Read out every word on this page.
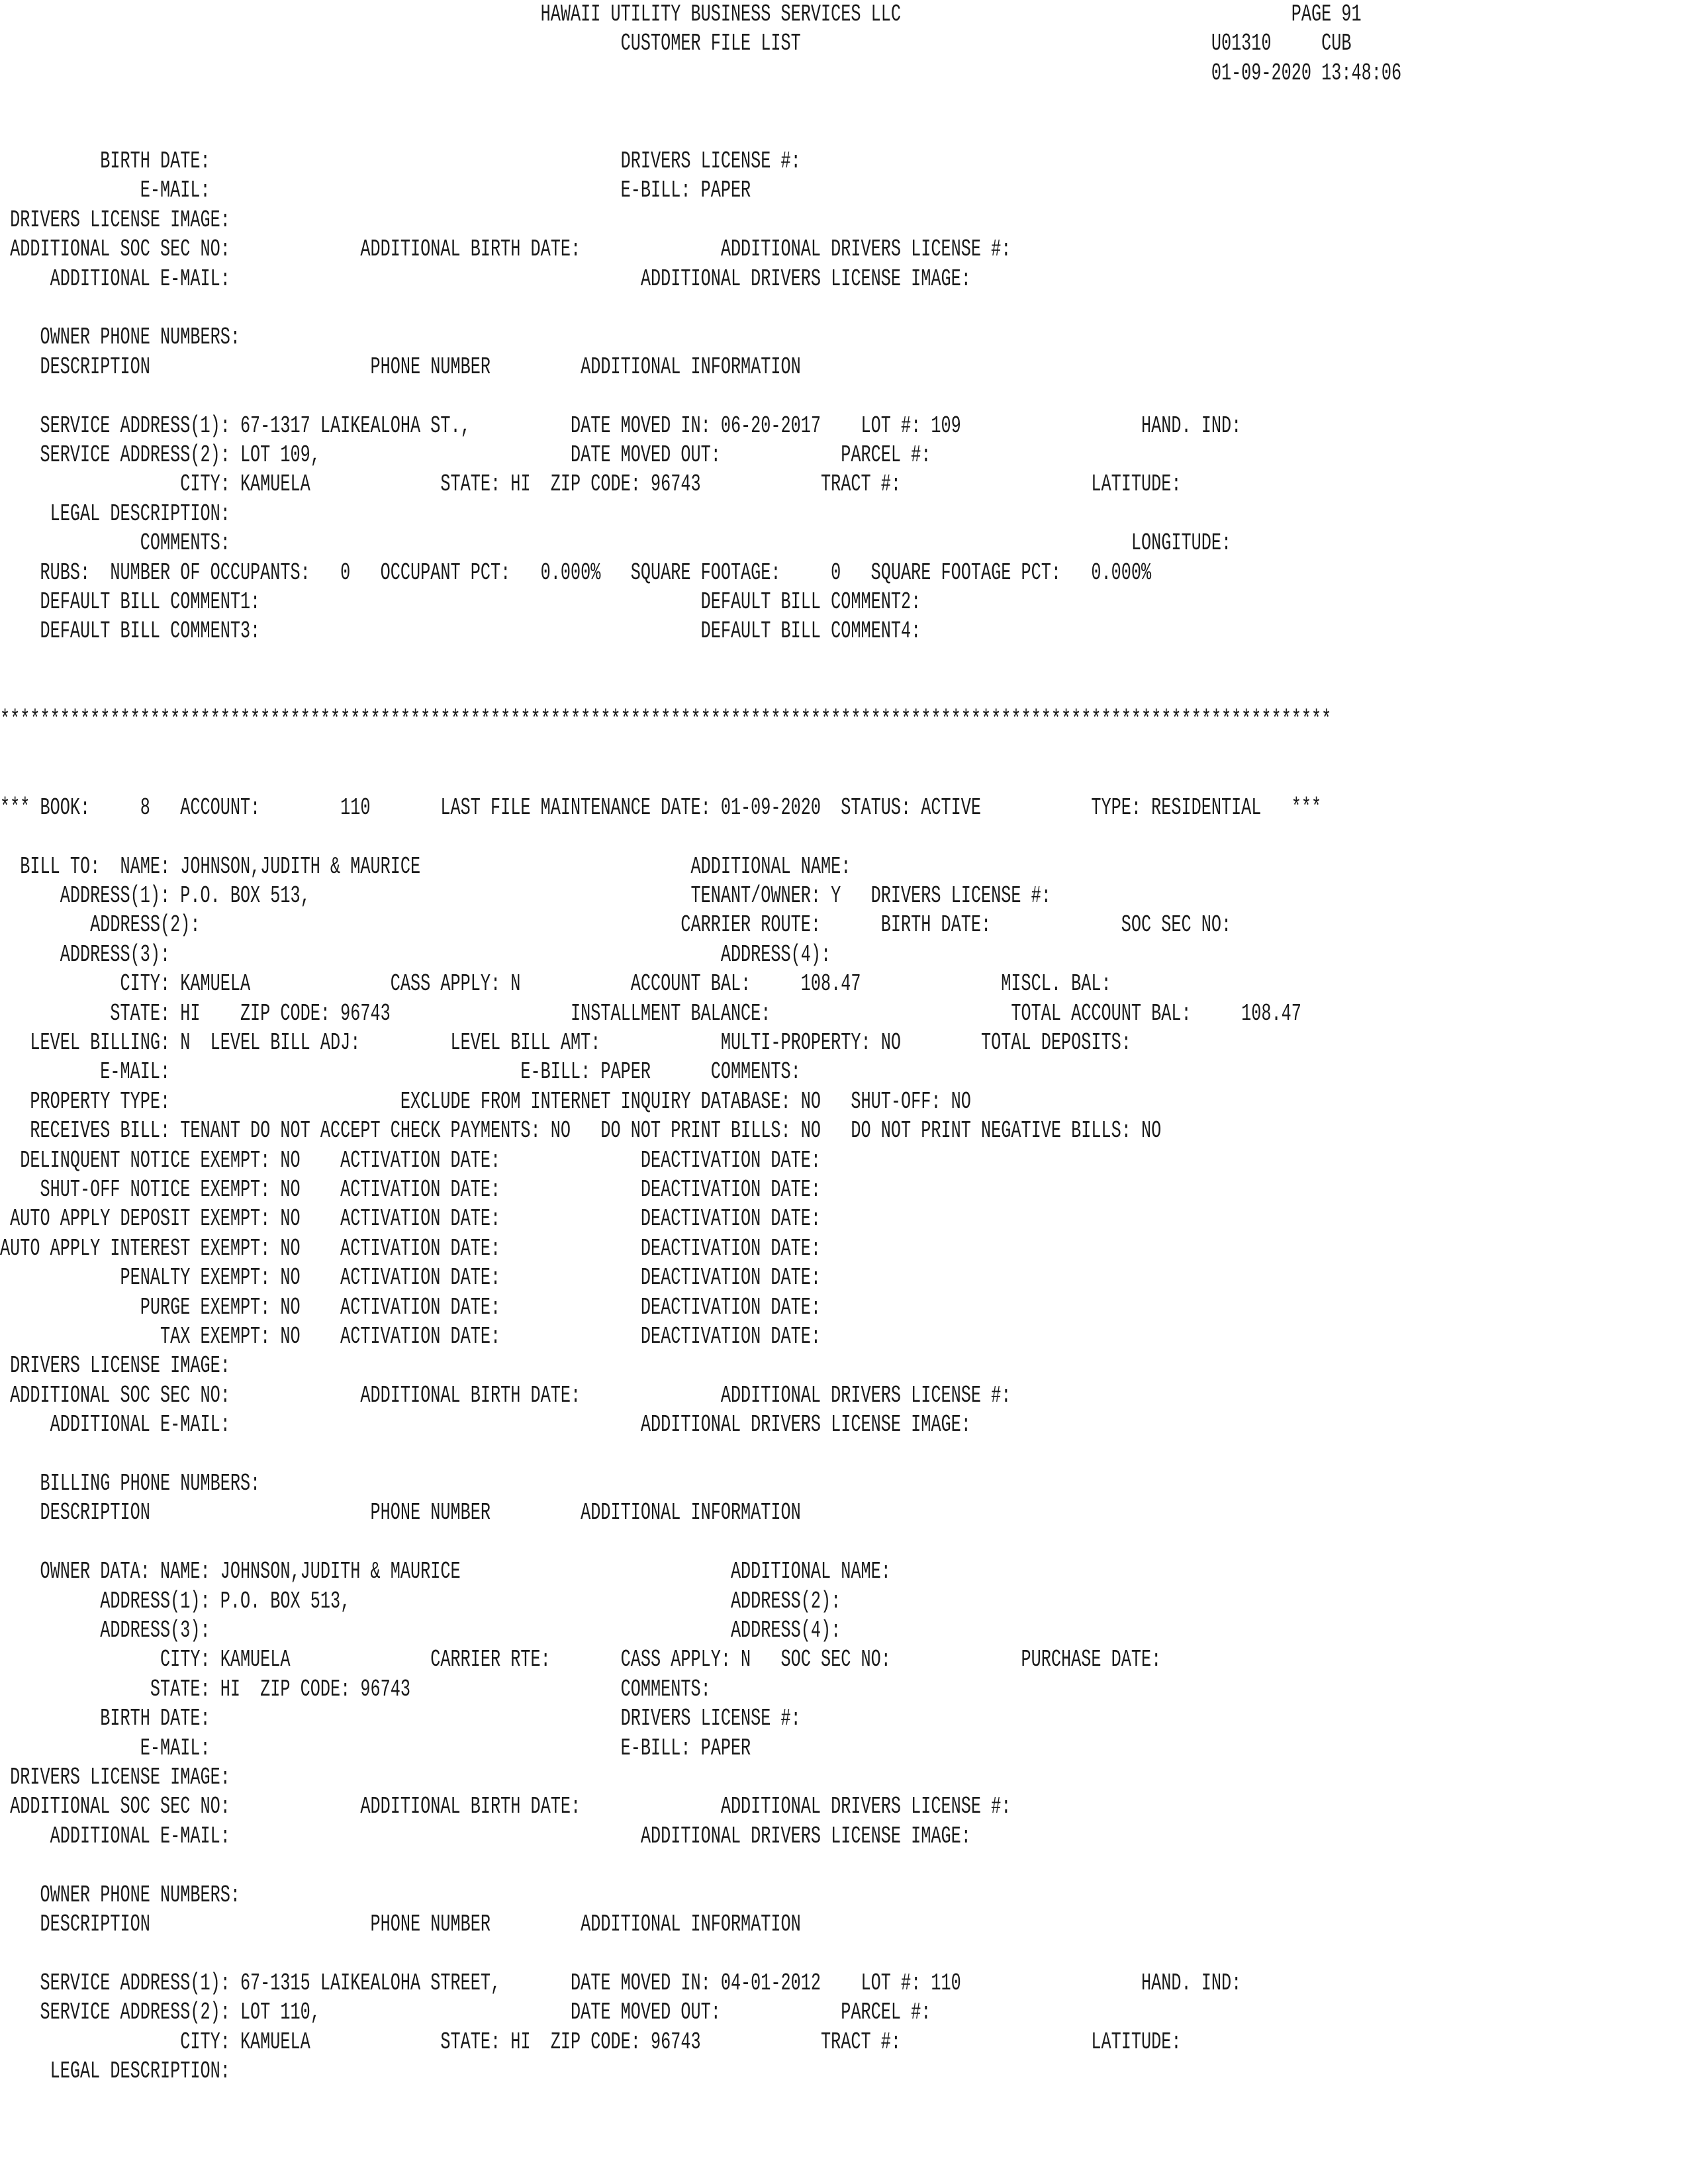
HAWAII UTILITY BUSINESS SERVICES LLC                                       PAGE 91
CUSTOMER FILE LIST                                         U01310     CUB
01-09-2020 13:48:06
BIRTH DATE:                                         DRIVERS LICENSE #:
E-MAIL:                                         E-BILL: PAPER
DRIVERS LICENSE IMAGE:
ADDITIONAL SOC SEC NO:             ADDITIONAL BIRTH DATE:              ADDITIONAL DRIVERS LICENSE #:
ADDITIONAL E-MAIL:                                         ADDITIONAL DRIVERS LICENSE IMAGE:
OWNER PHONE NUMBERS:
DESCRIPTION                      PHONE NUMBER         ADDITIONAL INFORMATION
SERVICE ADDRESS(1): 67-1317 LAIKEALOHA ST.,          DATE MOVED IN: 06-20-2017    LOT #: 109                  HAND. IND:
SERVICE ADDRESS(2): LOT 109,                         DATE MOVED OUT:            PARCEL #:
CITY: KAMUELA             STATE: HI  ZIP CODE: 96743            TRACT #:                   LATITUDE:
LEGAL DESCRIPTION:
COMMENTS:                                                                                          LONGITUDE:
RUBS:  NUMBER OF OCCUPANTS:   0   OCCUPANT PCT:   0.000%   SQUARE FOOTAGE:     0   SQUARE FOOTAGE PCT:   0.000%
DEFAULT BILL COMMENT1:                                            DEFAULT BILL COMMENT2:
DEFAULT BILL COMMENT3:                                            DEFAULT BILL COMMENT4:
*************************************************************************************************************************************
*** BOOK:     8   ACCOUNT:        110       LAST FILE MAINTENANCE DATE: 01-09-2020  STATUS: ACTIVE           TYPE: RESIDENTIAL   ***
BILL TO:  NAME: JOHNSON,JUDITH & MAURICE                           ADDITIONAL NAME:
ADDRESS(1): P.O. BOX 513,                                      TENANT/OWNER: Y   DRIVERS LICENSE #:
ADDRESS(2):                                                CARRIER ROUTE:      BIRTH DATE:             SOC SEC NO:
ADDRESS(3):                                                       ADDRESS(4):
CITY: KAMUELA              CASS APPLY: N           ACCOUNT BAL:     108.47              MISCL. BAL:
STATE: HI    ZIP CODE: 96743                  INSTALLMENT BALANCE:                        TOTAL ACCOUNT BAL:     108.47
LEVEL BILLING: N  LEVEL BILL ADJ:         LEVEL BILL AMT:            MULTI-PROPERTY: NO        TOTAL DEPOSITS:
E-MAIL:                                   E-BILL: PAPER      COMMENTS:
PROPERTY TYPE:                       EXCLUDE FROM INTERNET INQUIRY DATABASE: NO   SHUT-OFF: NO
RECEIVES BILL: TENANT DO NOT ACCEPT CHECK PAYMENTS: NO   DO NOT PRINT BILLS: NO   DO NOT PRINT NEGATIVE BILLS: NO
DELINQUENT NOTICE EXEMPT: NO    ACTIVATION DATE:              DEACTIVATION DATE:
SHUT-OFF NOTICE EXEMPT: NO    ACTIVATION DATE:              DEACTIVATION DATE:
AUTO APPLY DEPOSIT EXEMPT: NO    ACTIVATION DATE:              DEACTIVATION DATE:
AUTO APPLY INTEREST EXEMPT: NO    ACTIVATION DATE:              DEACTIVATION DATE:
PENALTY EXEMPT: NO    ACTIVATION DATE:              DEACTIVATION DATE:
PURGE EXEMPT: NO    ACTIVATION DATE:              DEACTIVATION DATE:
TAX EXEMPT: NO    ACTIVATION DATE:              DEACTIVATION DATE:
DRIVERS LICENSE IMAGE:
ADDITIONAL SOC SEC NO:             ADDITIONAL BIRTH DATE:              ADDITIONAL DRIVERS LICENSE #:
ADDITIONAL E-MAIL:                                         ADDITIONAL DRIVERS LICENSE IMAGE:
BILLING PHONE NUMBERS:
DESCRIPTION                      PHONE NUMBER         ADDITIONAL INFORMATION
OWNER DATA: NAME: JOHNSON,JUDITH & MAURICE                           ADDITIONAL NAME:
ADDRESS(1): P.O. BOX 513,                                      ADDRESS(2):
ADDRESS(3):                                                    ADDRESS(4):
CITY: KAMUELA              CARRIER RTE:       CASS APPLY: N   SOC SEC NO:             PURCHASE DATE:
STATE: HI  ZIP CODE: 96743                     COMMENTS:
BIRTH DATE:                                         DRIVERS LICENSE #:
E-MAIL:                                         E-BILL: PAPER
DRIVERS LICENSE IMAGE:
ADDITIONAL SOC SEC NO:             ADDITIONAL BIRTH DATE:              ADDITIONAL DRIVERS LICENSE #:
ADDITIONAL E-MAIL:                                         ADDITIONAL DRIVERS LICENSE IMAGE:
OWNER PHONE NUMBERS:
DESCRIPTION                      PHONE NUMBER         ADDITIONAL INFORMATION
SERVICE ADDRESS(1): 67-1315 LAIKEALOHA STREET,       DATE MOVED IN: 04-01-2012    LOT #: 110                  HAND. IND:
SERVICE ADDRESS(2): LOT 110,                         DATE MOVED OUT:            PARCEL #:
CITY: KAMUELA             STATE: HI  ZIP CODE: 96743            TRACT #:                   LATITUDE:
LEGAL DESCRIPTION:
